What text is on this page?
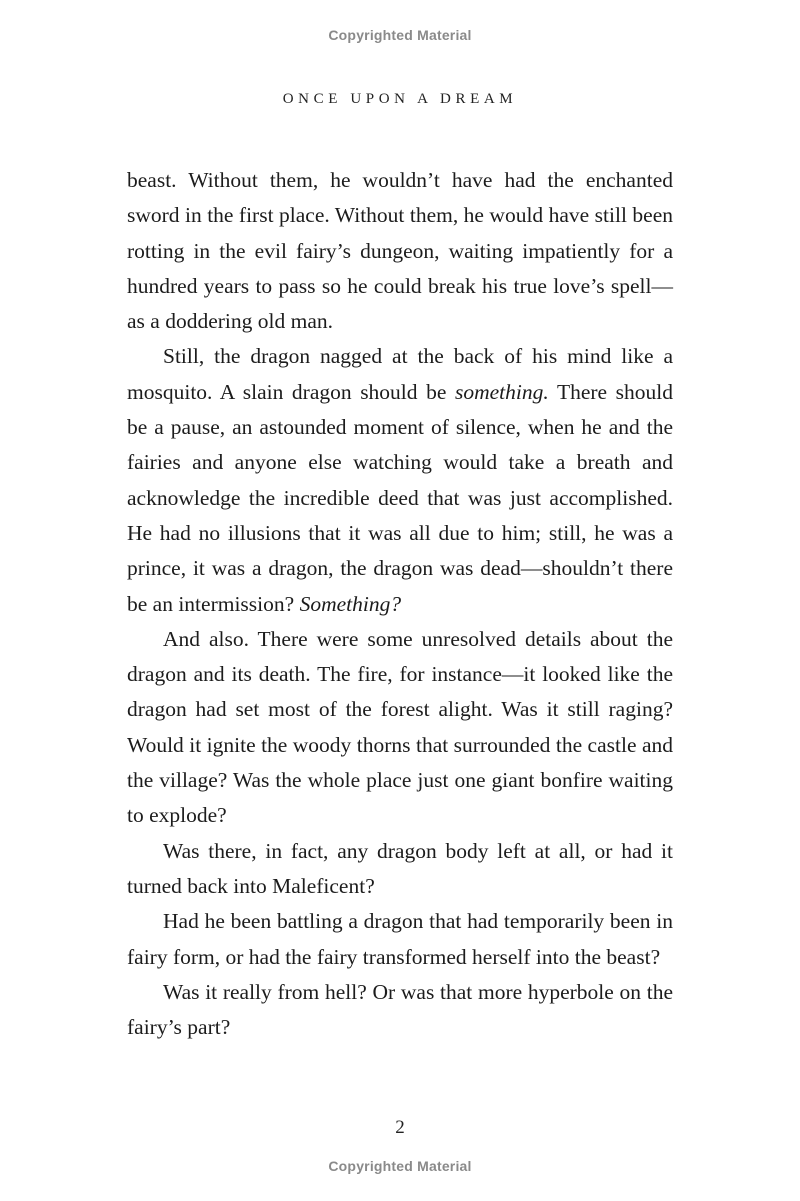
Copyrighted Material
ONCE UPON A DREAM

beast. Without them, he wouldn’t have had the enchanted sword in the first place. Without them, he would have still been rotting in the evil fairy’s dungeon, waiting impatiently for a hundred years to pass so he could break his true love’s spell—as a doddering old man.

Still, the dragon nagged at the back of his mind like a mosquito. A slain dragon should be something. There should be a pause, an astounded moment of silence, when he and the fairies and anyone else watching would take a breath and acknowledge the incredible deed that was just accomplished. He had no illusions that it was all due to him; still, he was a prince, it was a dragon, the dragon was dead—shouldn’t there be an intermission? Something?

And also. There were some unresolved details about the dragon and its death. The fire, for instance—it looked like the dragon had set most of the forest alight. Was it still raging? Would it ignite the woody thorns that surrounded the castle and the village? Was the whole place just one giant bonfire waiting to explode?

Was there, in fact, any dragon body left at all, or had it turned back into Maleficent?

Had he been battling a dragon that had temporarily been in fairy form, or had the fairy transformed herself into the beast?

Was it really from hell? Or was that more hyperbole on the fairy’s part?

2
Copyrighted Material
